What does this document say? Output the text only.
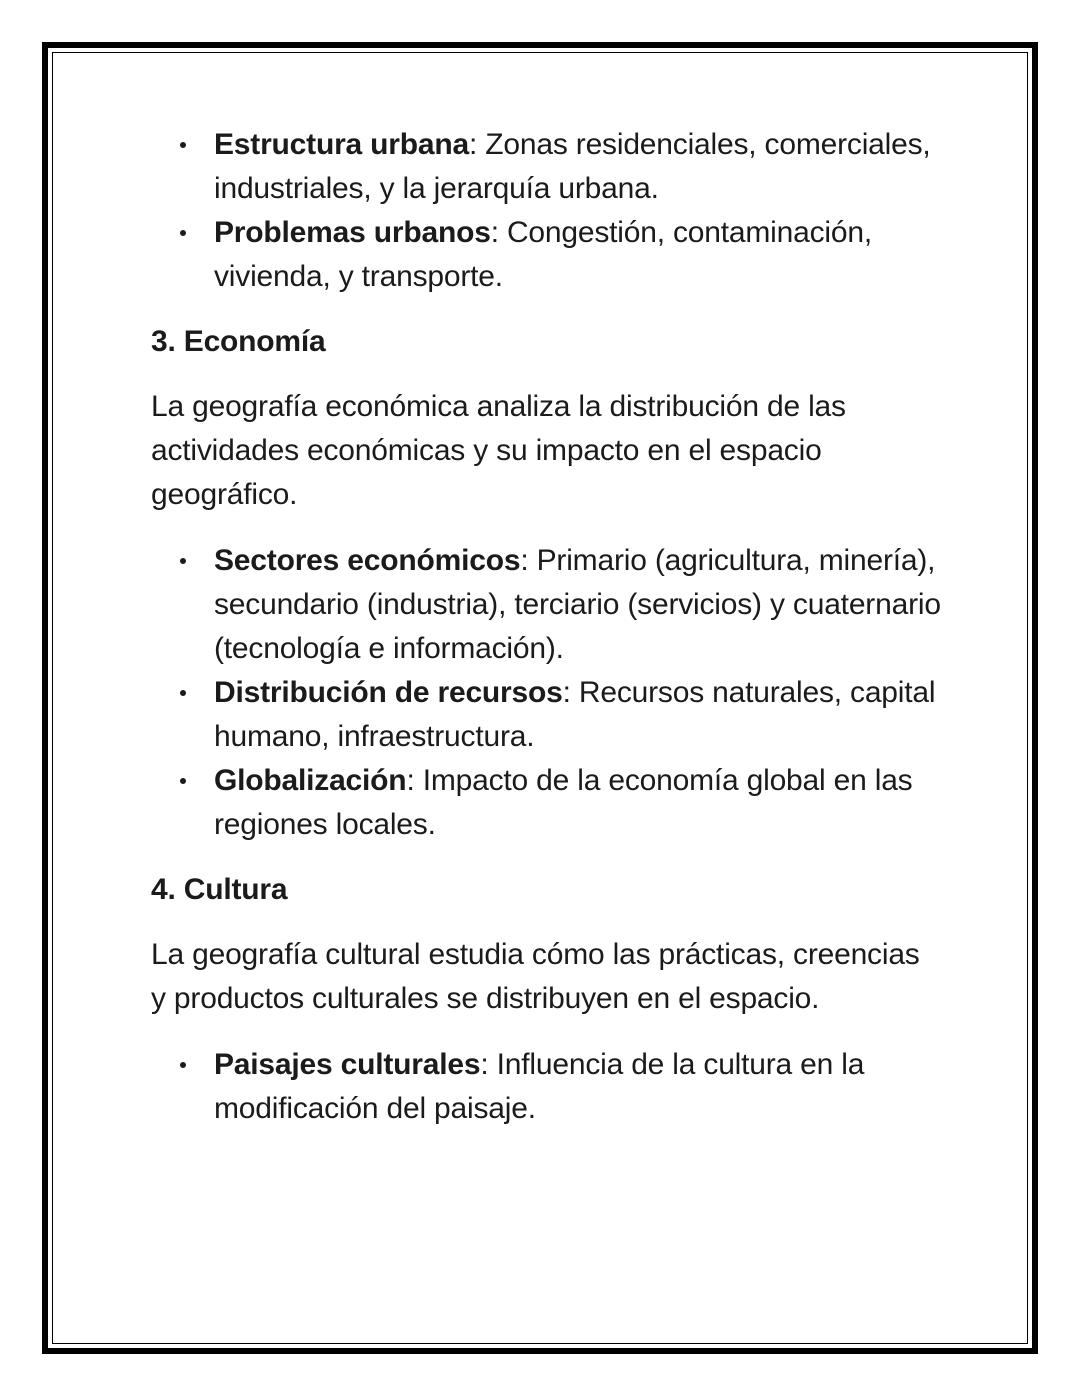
Estructura urbana: Zonas residenciales, comerciales, industriales, y la jerarquía urbana.
Problemas urbanos: Congestión, contaminación, vivienda, y transporte.

3. Economía

La geografía económica analiza la distribución de las actividades económicas y su impacto en el espacio geográfico.

Sectores económicos: Primario (agricultura, minería), secundario (industria), terciario (servicios) y cuaternario (tecnología e información).
Distribución de recursos: Recursos naturales, capital humano, infraestructura.
Globalización: Impacto de la economía global en las regiones locales.

4. Cultura

La geografía cultural estudia cómo las prácticas, creencias y productos culturales se distribuyen en el espacio.

Paisajes culturales: Influencia de la cultura en la modificación del paisaje.
